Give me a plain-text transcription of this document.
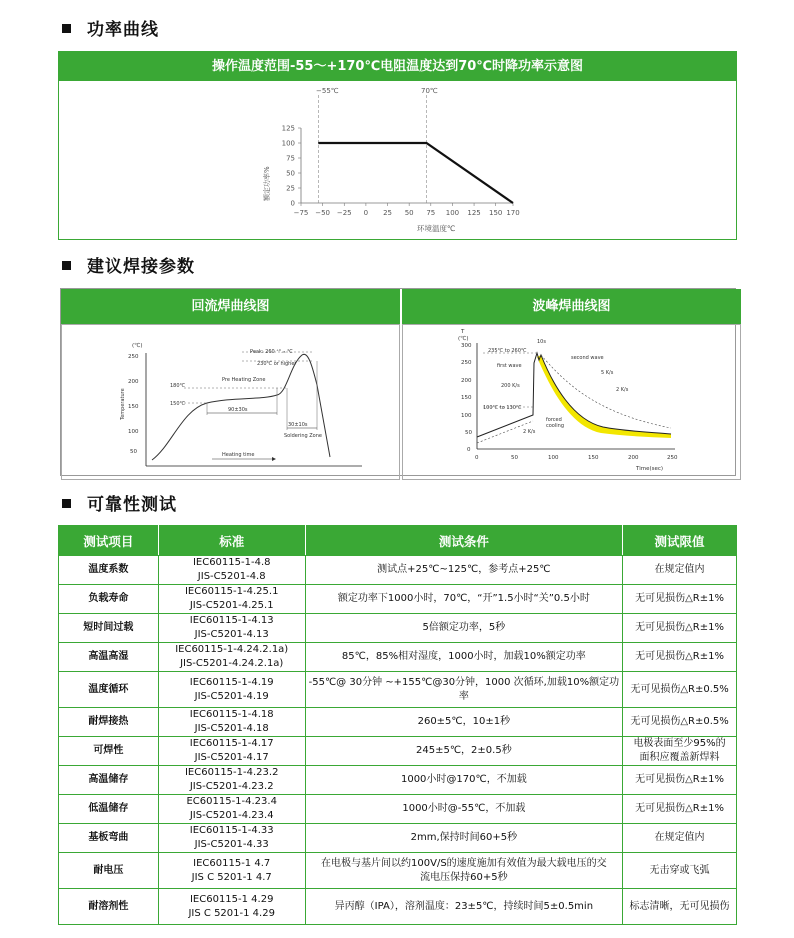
功率曲线
操作温度范围-55～+170℃电阻温度达到70℃时降功率示意图
额定功率%
环境温度℃
−55℃	70℃
125
100
75
50
25
0
−75 −50 −25 0 25 50 75 100 125 150 170
建议焊接参数
回流焊曲线图
(℃)
250
200
150
100
50
Temperature
Peak: 260 ⁺⁰₋₅ ℃
230℃ or higher
Pre Heating Zone
180℃
150℃
90±30s
30±10s
Soldering Zone
Heating time
波峰焊曲线图
T
(℃)
300
250
200
150
100
50
0
0	50	100	150	200	250
Time(sec)
10s
235℃ to 260℃
second wave
first wave
5 K/s
200 K/s
2 K/s
100℃ to 130℃
forced
cooling
2 K/s
可靠性测试
测试项目	标准	测试条件	测试限值
温度系数	IEC60115-1-4.8
JIS-C5201-4.8	测试点+25℃~125℃，参考点+25℃	在规定值内

负载寿命	IEC60115-1-4.25.1
JIS-C5201-4.25.1	额定功率下1000小时，70℃，“开”1.5小时“关”0.5小时	无可见损伤△R±1%

短时间过载	IEC60115-1-4.13
JIS-C5201-4.13	5倍额定功率，5秒	无可见损伤△R±1%

高温高湿	IEC60115-1-4.24.2.1a)
JIS-C5201-4.24.2.1a)	85℃，85%相对湿度，1000小时，加载10%额定功率	无可见损伤△R±1%

温度循环	IEC60115-1-4.19
JIS-C5201-4.19	-55℃@ 30分钟 ~+155℃@30分钟，1000 次循环,加载10%额定功
率	无可见损伤△R±0.5%

耐焊接热	IEC60115-1-4.18
JIS-C5201-4.18	260±5℃，10±1秒	无可见损伤△R±0.5%

可焊性	IEC60115-1-4.17
JIS-C5201-4.17	245±5℃，2±0.5秒	电极表面至少95%的
面积应覆盖新焊料

高温储存	IEC60115-1-4.23.2
JIS-C5201-4.23.2	1000小时@170℃，不加载	无可见损伤△R±1%

低温储存	EC60115-1-4.23.4
JIS-C5201-4.23.4	1000小时@-55℃，不加载	无可见损伤△R±1%

基板弯曲	IEC60115-1-4.33
JIS-C5201-4.33	2mm,保持时间60+5秒	在规定值内

耐电压	IEC60115-1 4.7
JIS C 5201-1 4.7	在电极与基片间以约100V/S的速度施加有效值为最大载电压的交
流电压保持60+5秒	无击穿或飞弧

耐溶剂性	IEC60115-1 4.29
JIS C 5201-1 4.29	异丙醇（IPA），溶剂温度：23±5℃，持续时间5±0.5min	标志清晰，无可见损伤
